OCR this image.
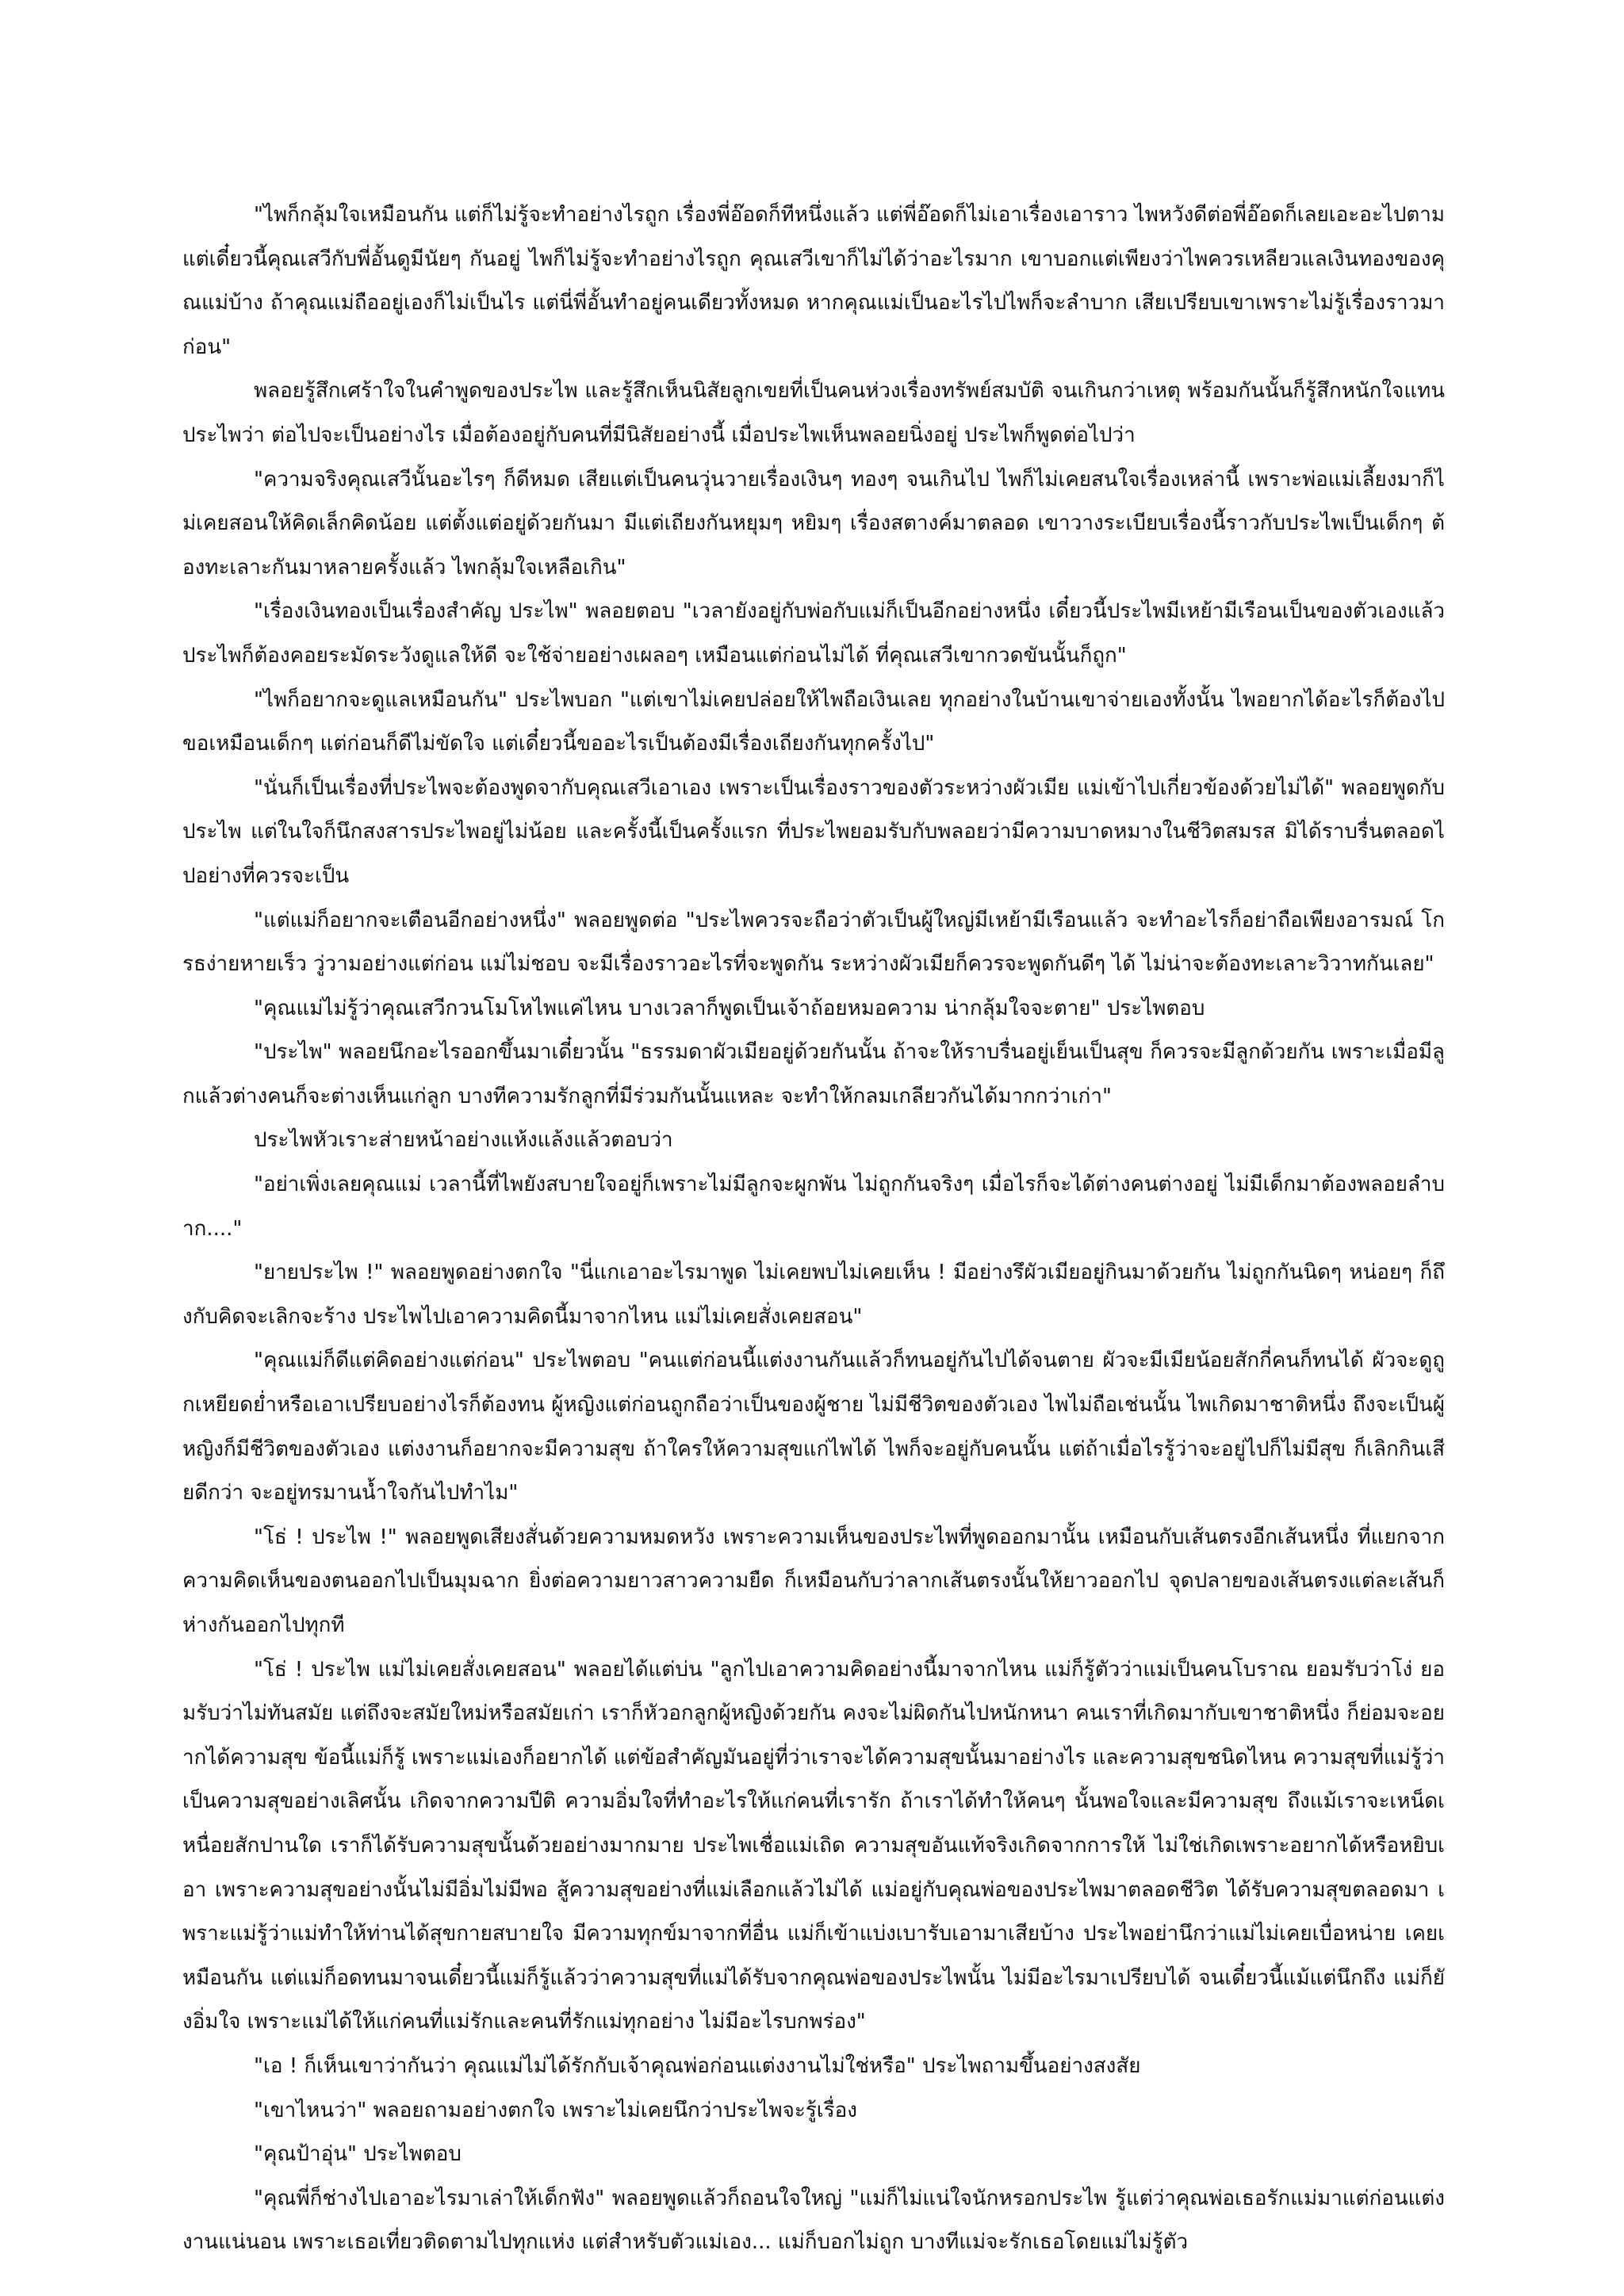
"ไพก็กลุ้มใจเหมือนกัน แต่ก็ไม่รู้จะทำอย่างไรถูก เรื่องพี่อ๊อดก็ทีหนึ่งแล้ว แต่พี่อ๊อดก็ไม่เอาเรื่องเอาราว ไพหวังดีต่อพี่อ๊อดก็เลยเอะอะไปตาม แต่เดี๋ยวนี้คุณเสวีกับพี่อั้นดูมีนัยๆ กันอยู่ ไพก็ไม่รู้จะทำอย่างไรถูก คุณเสวีเขาก็ไม่ได้ว่าอะไรมาก เขาบอกแต่เพียงว่าไพควรเหลียวแลเงินทองของคุณแม่บ้าง ถ้าคุณแม่ถืออยู่เองก็ไม่เป็นไร แต่นี่พี่อั้นทำอยู่คนเดียวทั้งหมด หากคุณแม่เป็นอะไรไปไพก็จะลำบาก เสียเปรียบเขาเพราะไม่รู้เรื่องราวมาก่อน"

พลอยรู้สึกเศร้าใจในคำพูดของประไพ และรู้สึกเห็นนิสัยลูกเขยที่เป็นคนห่วงเรื่องทรัพย์สมบัติ จนเกินกว่าเหตุ พร้อมกันนั้นก็รู้สึกหนักใจแทนประไพว่า ต่อไปจะเป็นอย่างไร เมื่อต้องอยู่กับคนที่มีนิสัยอย่างนี้ เมื่อประไพเห็นพลอยนิ่งอยู่ ประไพก็พูดต่อไปว่า

"ความจริงคุณเสวีนั้นอะไรๆ ก็ดีหมด เสียแต่เป็นคนวุ่นวายเรื่องเงินๆ ทองๆ จนเกินไป ไพก็ไม่เคยสนใจเรื่องเหล่านี้ เพราะพ่อแม่เลี้ยงมาก็ไม่เคยสอนให้คิดเล็กคิดน้อย แต่ตั้งแต่อยู่ด้วยกันมา มีแต่เถียงกันหยุมๆ หยิมๆ เรื่องสตางค์มาตลอด เขาวางระเบียบเรื่องนี้ราวกับประไพเป็นเด็กๆ ต้องทะเลาะกันมาหลายครั้งแล้ว ไพกลุ้มใจเหลือเกิน"

"เรื่องเงินทองเป็นเรื่องสำคัญ ประไพ" พลอยตอบ "เวลายังอยู่กับพ่อกับแม่ก็เป็นอีกอย่างหนึ่ง เดี๋ยวนี้ประไพมีเหย้ามีเรือนเป็นของตัวเองแล้ว ประไพก็ต้องคอยระมัดระวังดูแลให้ดี จะใช้จ่ายอย่างเผลอๆ เหมือนแต่ก่อนไม่ได้ ที่คุณเสวีเขากวดขันนั้นก็ถูก"

"ไพก็อยากจะดูแลเหมือนกัน" ประไพบอก "แต่เขาไม่เคยปล่อยให้ไพถือเงินเลย ทุกอย่างในบ้านเขาจ่ายเองทั้งนั้น ไพอยากได้อะไรก็ต้องไปขอเหมือนเด็กๆ แต่ก่อนก็ดีไม่ขัดใจ แต่เดี๋ยวนี้ขออะไรเป็นต้องมีเรื่องเถียงกันทุกครั้งไป"

"นั่นก็เป็นเรื่องที่ประไพจะต้องพูดจากับคุณเสวีเอาเอง เพราะเป็นเรื่องราวของตัวระหว่างผัวเมีย แม่เข้าไปเกี่ยวข้องด้วยไม่ได้" พลอยพูดกับประไพ แต่ในใจก็นึกสงสารประไพอยู่ไม่น้อย และครั้งนี้เป็นครั้งแรก ที่ประไพยอมรับกับพลอยว่ามีความบาดหมางในชีวิตสมรส มิได้ราบรื่นตลอดไปอย่างที่ควรจะเป็น

"แต่แม่ก็อยากจะเตือนอีกอย่างหนึ่ง" พลอยพูดต่อ "ประไพควรจะถือว่าตัวเป็นผู้ใหญ่มีเหย้ามีเรือนแล้ว จะทำอะไรก็อย่าถือเพียงอารมณ์ โกรธง่ายหายเร็ว วู่วามอย่างแต่ก่อน แม่ไม่ชอบ จะมีเรื่องราวอะไรที่จะพูดกัน ระหว่างผัวเมียก็ควรจะพูดกันดีๆ ได้ ไม่น่าจะต้องทะเลาะวิวาทกันเลย"

"คุณแม่ไม่รู้ว่าคุณเสวีกวนโมโหไพแค่ไหน บางเวลาก็พูดเป็นเจ้าถ้อยหมอความ น่ากลุ้มใจจะตาย" ประไพตอบ

"ประไพ" พลอยนึกอะไรออกขึ้นมาเดี๋ยวนั้น "ธรรมดาผัวเมียอยู่ด้วยกันนั้น ถ้าจะให้ราบรื่นอยู่เย็นเป็นสุข ก็ควรจะมีลูกด้วยกัน เพราะเมื่อมีลูกแล้วต่างคนก็จะต่างเห็นแก่ลูก บางทีความรักลูกที่มีร่วมกันนั้นแหละ จะทำให้กลมเกลียวกันได้มากกว่าเก่า"

ประไพหัวเราะส่ายหน้าอย่างแห้งแล้งแล้วตอบว่า

"อย่าเพิ่งเลยคุณแม่ เวลานี้ที่ไพยังสบายใจอยู่ก็เพราะไม่มีลูกจะผูกพัน ไม่ถูกกันจริงๆ เมื่อไรก็จะได้ต่างคนต่างอยู่ ไม่มีเด็กมาต้องพลอยลำบาก...."

"ยายประไพ !" พลอยพูดอย่างตกใจ "นี่แกเอาอะไรมาพูด ไม่เคยพบไม่เคยเห็น ! มีอย่างรึผัวเมียอยู่กินมาด้วยกัน ไม่ถูกกันนิดๆ หน่อยๆ ก็ถึงกับคิดจะเลิกจะร้าง ประไพไปเอาความคิดนี้มาจากไหน แม่ไม่เคยสั่งเคยสอน"

"คุณแม่ก็ดีแต่คิดอย่างแต่ก่อน" ประไพตอบ "คนแต่ก่อนนี้แต่งงานกันแล้วก็ทนอยู่กันไปได้จนตาย ผัวจะมีเมียน้อยสักกี่คนก็ทนได้ ผัวจะดูถูกเหยียดย่ำหรือเอาเปรียบอย่างไรก็ต้องทน ผู้หญิงแต่ก่อนถูกถือว่าเป็นของผู้ชาย ไม่มีชีวิตของตัวเอง ไพไม่ถือเช่นนั้น ไพเกิดมาชาติหนึ่ง ถึงจะเป็นผู้หญิงก็มีชีวิตของตัวเอง แต่งงานก็อยากจะมีความสุข ถ้าใครให้ความสุขแก่ไพได้ ไพก็จะอยู่กับคนนั้น แต่ถ้าเมื่อไรรู้ว่าจะอยู่ไปก็ไม่มีสุข ก็เลิกกินเสียดีกว่า จะอยู่ทรมานน้ำใจกันไปทำไม"

"โธ่ ! ประไพ !" พลอยพูดเสียงสั่นด้วยความหมดหวัง เพราะความเห็นของประไพที่พูดออกมานั้น เหมือนกับเส้นตรงอีกเส้นหนึ่ง ที่แยกจากความคิดเห็นของตนออกไปเป็นมุมฉาก ยิ่งต่อความยาวสาวความยืด ก็เหมือนกับว่าลากเส้นตรงนั้นให้ยาวออกไป จุดปลายของเส้นตรงแต่ละเส้นก็ห่างกันออกไปทุกที

"โธ่ ! ประไพ แม่ไม่เคยสั่งเคยสอน" พลอยได้แต่บ่น "ลูกไปเอาความคิดอย่างนี้มาจากไหน แม่ก็รู้ตัวว่าแม่เป็นคนโบราณ ยอมรับว่าโง่ ยอมรับว่าไม่ทันสมัย แต่ถึงจะสมัยใหม่หรือสมัยเก่า เราก็หัวอกลูกผู้หญิงด้วยกัน คงจะไม่ผิดกันไปหนักหนา คนเราที่เกิดมากับเขาชาติหนึ่ง ก็ย่อมจะอยากได้ความสุข ข้อนี้แม่ก็รู้ เพราะแม่เองก็อยากได้ แต่ข้อสำคัญมันอยู่ที่ว่าเราจะได้ความสุขนั้นมาอย่างไร และความสุขชนิดไหน ความสุขที่แม่รู้ว่าเป็นความสุขอย่างเลิศนั้น เกิดจากความปีติ ความอิ่มใจที่ทำอะไรให้แก่คนที่เรารัก ถ้าเราได้ทำให้คนๆ นั้นพอใจและมีความสุข ถึงแม้เราจะเหน็ดเหนื่อยสักปานใด เราก็ได้รับความสุขนั้นด้วยอย่างมากมาย ประไพเชื่อแม่เถิด ความสุขอันแท้จริงเกิดจากการให้ ไม่ใช่เกิดเพราะอยากได้หรือหยิบเอา เพราะความสุขอย่างนั้นไม่มีอิ่มไม่มีพอ สู้ความสุขอย่างที่แม่เลือกแล้วไม่ได้ แม่อยู่กับคุณพ่อของประไพมาตลอดชีวิต ได้รับความสุขตลอดมา เพราะแม่รู้ว่าแม่ทำให้ท่านได้สุขกายสบายใจ มีความทุกข์มาจากที่อื่น แม่ก็เข้าแบ่งเบารับเอามาเสียบ้าง ประไพอย่านึกว่าแม่ไม่เคยเบื่อหน่าย เคยเหมือนกัน แต่แม่ก็อดทนมาจนเดี๋ยวนี้แม่ก็รู้แล้วว่าความสุขที่แม่ได้รับจากคุณพ่อของประไพนั้น ไม่มีอะไรมาเปรียบได้ จนเดี๋ยวนี้แม้แต่นึกถึง แม่ก็ยังอิ่มใจ เพราะแม่ได้ให้แก่คนที่แม่รักและคนที่รักแม่ทุกอย่าง ไม่มีอะไรบกพร่อง"

"เอ ! ก็เห็นเขาว่ากันว่า คุณแม่ไม่ได้รักกับเจ้าคุณพ่อก่อนแต่งงานไม่ใช่หรือ" ประไพถามขึ้นอย่างสงสัย

"เขาไหนว่า" พลอยถามอย่างตกใจ เพราะไม่เคยนึกว่าประไพจะรู้เรื่อง

"คุณป้าอุ่น" ประไพตอบ

"คุณพี่ก็ช่างไปเอาอะไรมาเล่าให้เด็กฟัง" พลอยพูดแล้วก็ถอนใจใหญ่ "แม่ก็ไม่แน่ใจนักหรอกประไพ รู้แต่ว่าคุณพ่อเธอรักแม่มาแต่ก่อนแต่งงานแน่นอน เพราะเธอเที่ยวติดตามไปทุกแห่ง แต่สำหรับตัวแม่เอง... แม่ก็บอกไม่ถูก บางทีแม่จะรักเธอโดยแม่ไม่รู้ตัว
